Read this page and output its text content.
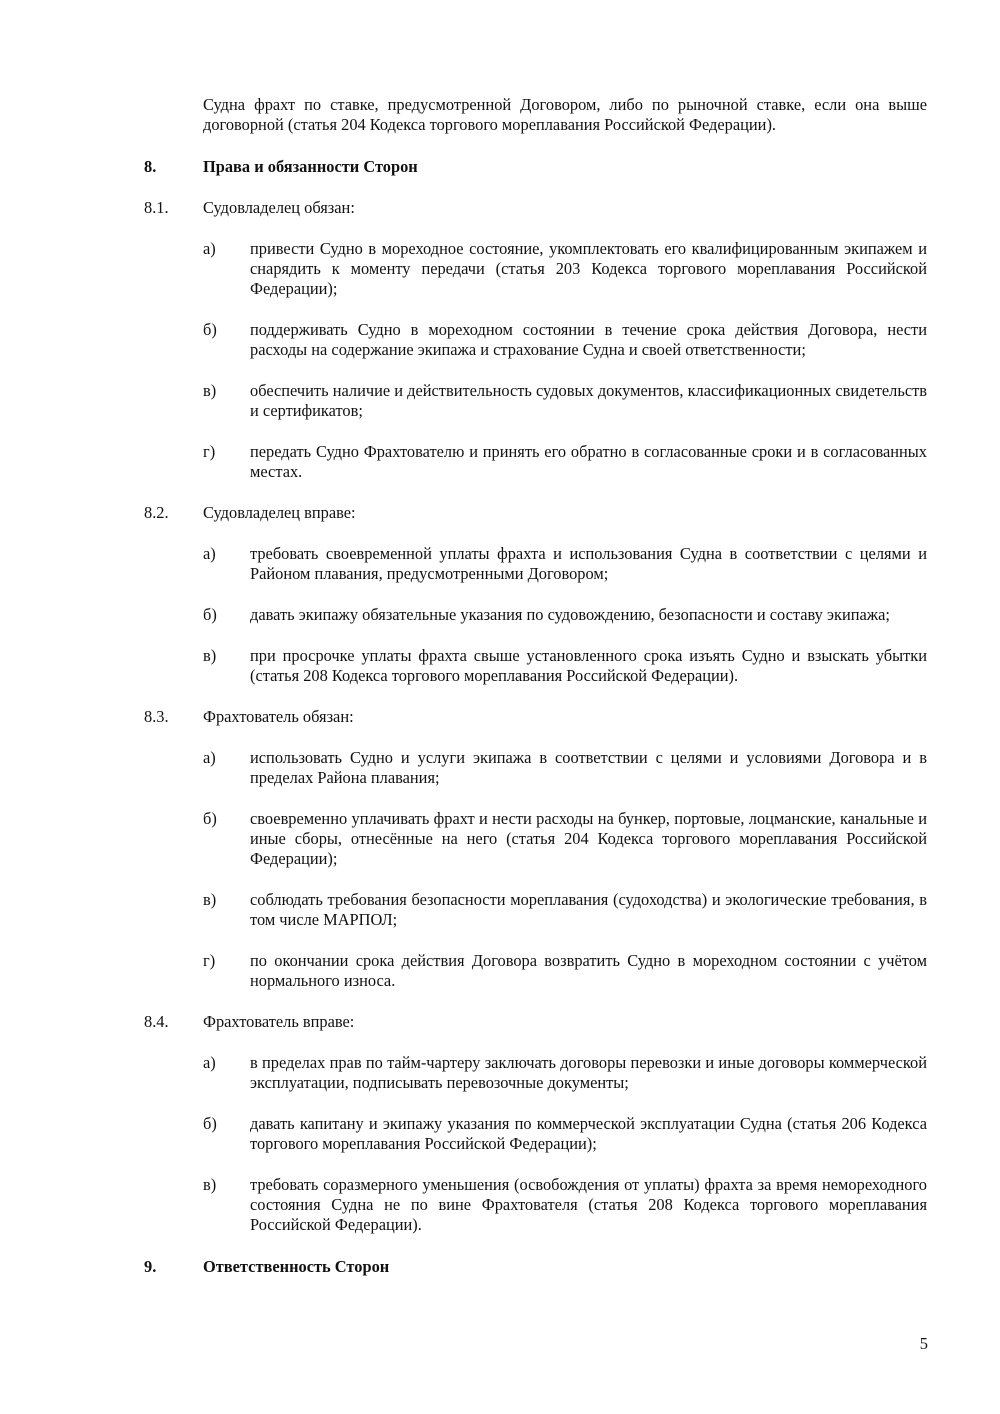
Судна фрахт по ставке, предусмотренной Договором, либо по рыночной ставке, если она выше договорной (статья 204 Кодекса торгового мореплавания Российской Федерации).
8.	Права и обязанности Сторон
8.1.	Судовладелец обязан:
а)	привести Судно в мореходное состояние, укомплектовать его квалифицированным экипажем и снарядить к моменту передачи (статья 203 Кодекса торгового мореплавания Российской Федерации);
б)	поддерживать Судно в мореходном состоянии в течение срока действия Договора, нести расходы на содержание экипажа и страхование Судна и своей ответственности;
в)	обеспечить наличие и действительность судовых документов, классификационных свидетельств и сертификатов;
г)	передать Судно Фрахтователю и принять его обратно в согласованные сроки и в согласованных местах.
8.2.	Судовладелец вправе:
а)	требовать своевременной уплаты фрахта и использования Судна в соответствии с целями и Районом плавания, предусмотренными Договором;
б)	давать экипажу обязательные указания по судовождению, безопасности и составу экипажа;
в)	при просрочке уплаты фрахта свыше установленного срока изъять Судно и взыскать убытки (статья 208 Кодекса торгового мореплавания Российской Федерации).
8.3.	Фрахтователь обязан:
а)	использовать Судно и услуги экипажа в соответствии с целями и условиями Договора и в пределах Района плавания;
б)	своевременно уплачивать фрахт и нести расходы на бункер, портовые, лоцманские, канальные и иные сборы, отнесённые на него (статья 204 Кодекса торгового мореплавания Российской Федерации);
в)	соблюдать требования безопасности мореплавания (судоходства) и экологические требования, в том числе МАРПОЛ;
г)	по окончании срока действия Договора возвратить Судно в мореходном состоянии с учётом нормального износа.
8.4.	Фрахтователь вправе:
а)	в пределах прав по тайм-чартеру заключать договоры перевозки и иные договоры коммерческой эксплуатации, подписывать перевозочные документы;
б)	давать капитану и экипажу указания по коммерческой эксплуатации Судна (статья 206 Кодекса торгового мореплавания Российской Федерации);
в)	требовать соразмерного уменьшения (освобождения от уплаты) фрахта за время немореходного состояния Судна не по вине Фрахтователя (статья 208 Кодекса торгового мореплавания Российской Федерации).
9.	Ответственность Сторон
5
